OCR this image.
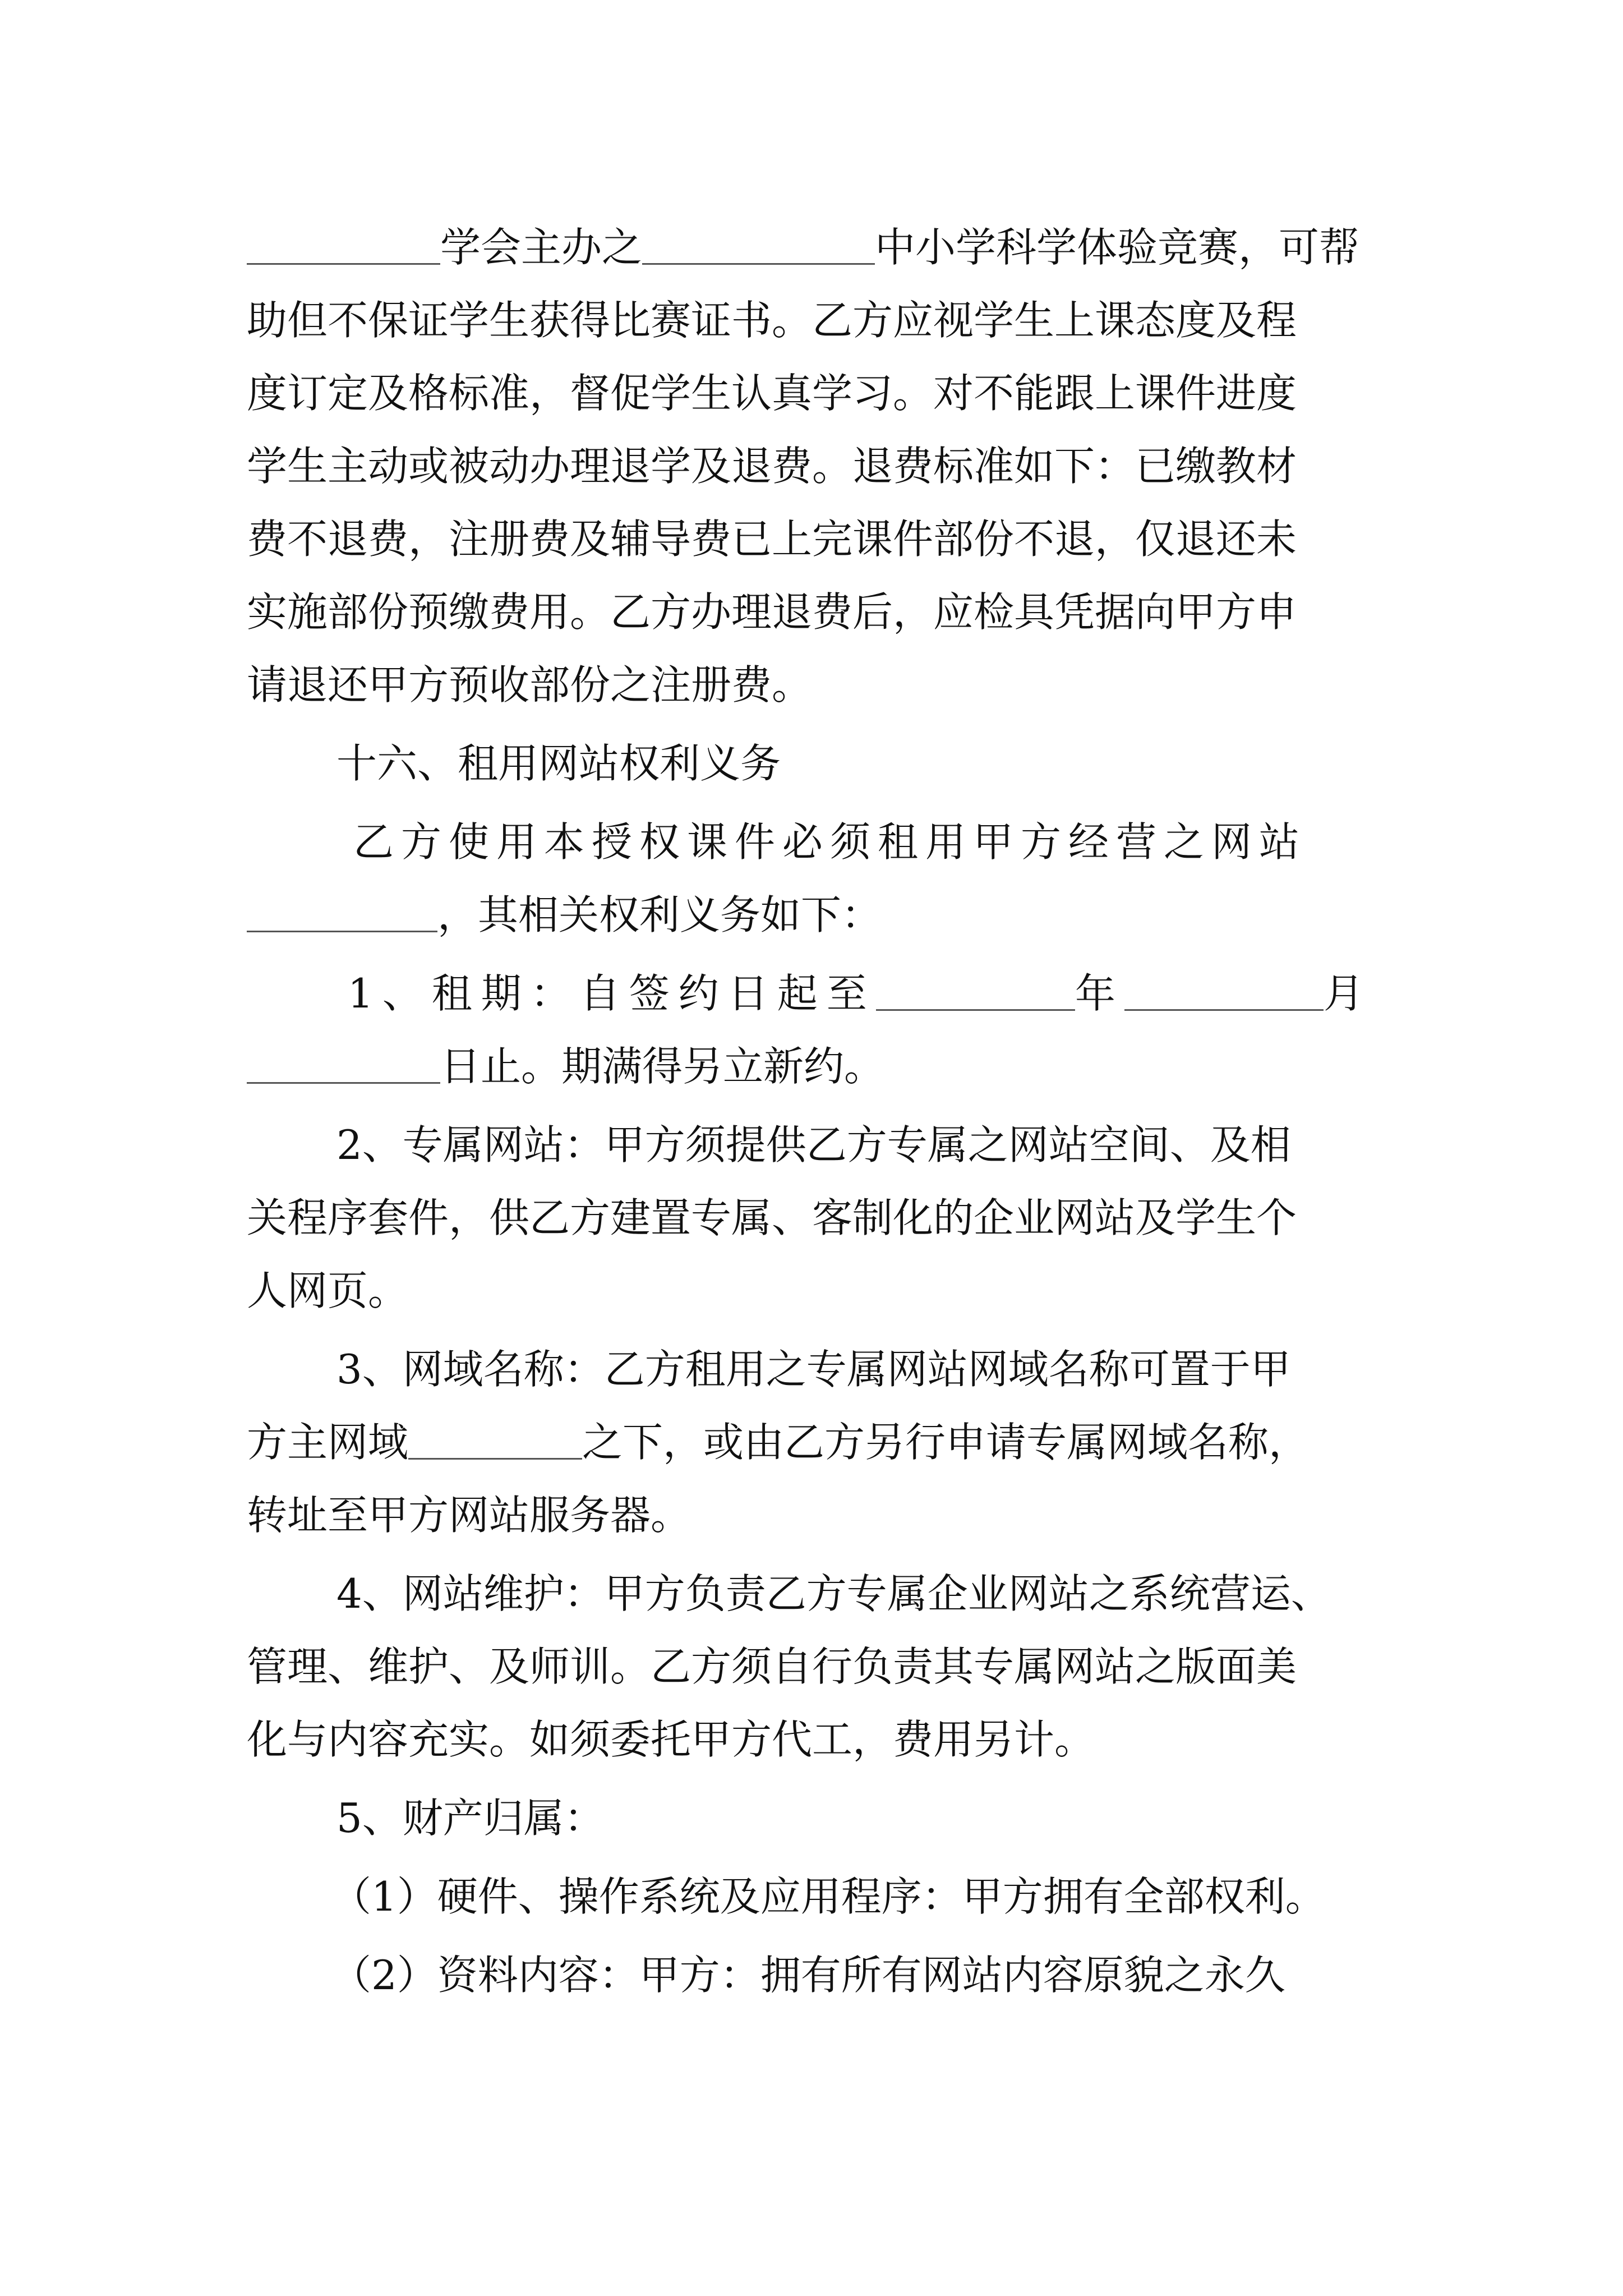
学会主办之	中小学科学体验竞赛，可帮
助但不保证学生获得比赛证书。乙方应视学生上课态度及程
度订定及格标准，督促学生认真学习。对不能跟上课件进度
学生主动或被动办理退学及退费。退费标准如下：已缴教材
费不退费，注册费及辅导费已上完课件部份不退，仅退还未
实施部份预缴费用。乙方办理退费后，应检具凭据向甲方申
请退还甲方预收部份之注册费。
十六、租用网站权利义务
乙方使用本授权课件必须租用甲方经营之网站
，其相关权利义务如下：
1、租期：自签约日起至	年	月
日止。期满得另立新约。
2、专属网站：甲方须提供乙方专属之网站空间、及相
关程序套件，供乙方建置专属、客制化的企业网站及学生个
人网页。
3、网域名称：乙方租用之专属网站网域名称可置于甲
方主网域	之下，或由乙方另行申请专属网域名称，
转址至甲方网站服务器。
4、网站维护：甲方负责乙方专属企业网站之系统营运、
管理、维护、及师训。乙方须自行负责其专属网站之版面美
化与内容充实。如须委托甲方代工，费用另计。
5、财产归属：
（1）硬件、操作系统及应用程序：甲方拥有全部权利。
（2）资料内容：甲方：拥有所有网站内容原貌之永久
